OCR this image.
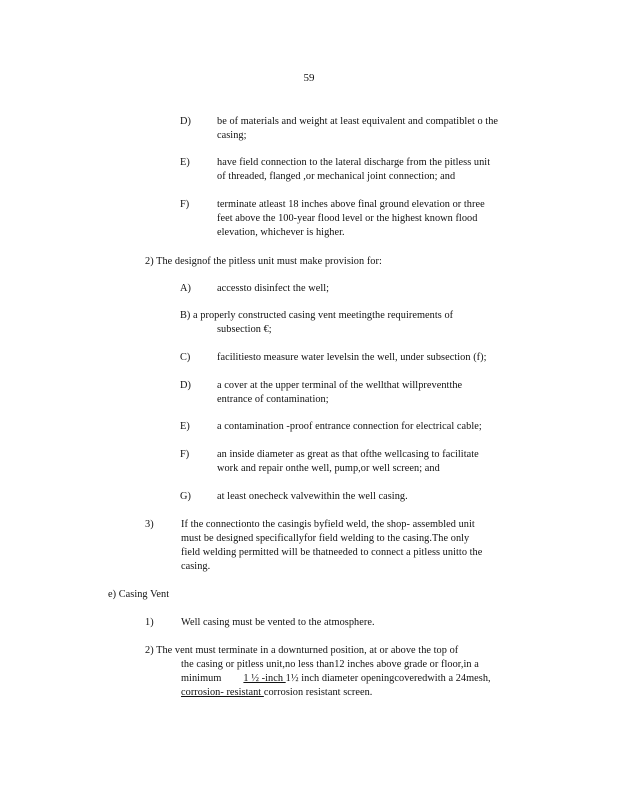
59
D)	be of materials and weight at least equivalent and compatiblet o the
casing;
E)	have field connection to the lateral discharge from the pitless unit
of threaded, flanged ,or mechanical joint connection; and
F)	terminate atleast 18 inches above final ground elevation or three
feet above the 100-year flood level or the highest known flood
elevation, whichever is higher.
2) The designof the pitless unit must make provision for:
A)	accessto disinfect the well;
B) a properly constructed casing vent meetingthe requirements of
subsection €;
C)	facilitiesto measure water levelsin the well, under subsection (f);
D)	a cover at the upper terminal of the wellthat willpreventthe
entrance of contamination;
E)	a contamination -proof entrance connection for electrical cable;
F)	an inside diameter as great as that ofthe wellcasing to facilitate
work and repair onthe well, pump,or well screen; and
G)	at least onecheck valvewithin the well casing.
3)	If the connectionto the casingis byfield weld, the shop- assembled unit
must be designed specificallyfor field welding to the casing.The only
field welding permitted will be thatneeded to connect a pitless unitto the
casing.
e) Casing Vent
1)	Well casing must be vented to the atmosphere.
2) The vent must terminate in a downturned position, at or above the top of
the casing or pitless unit,no less than12 inches above grade or floor,in a
minimum 1 ½ -inch 1½ inch diameter openingcoveredwith a 24mesh,
corrosion- resistant corrosion resistant screen.
